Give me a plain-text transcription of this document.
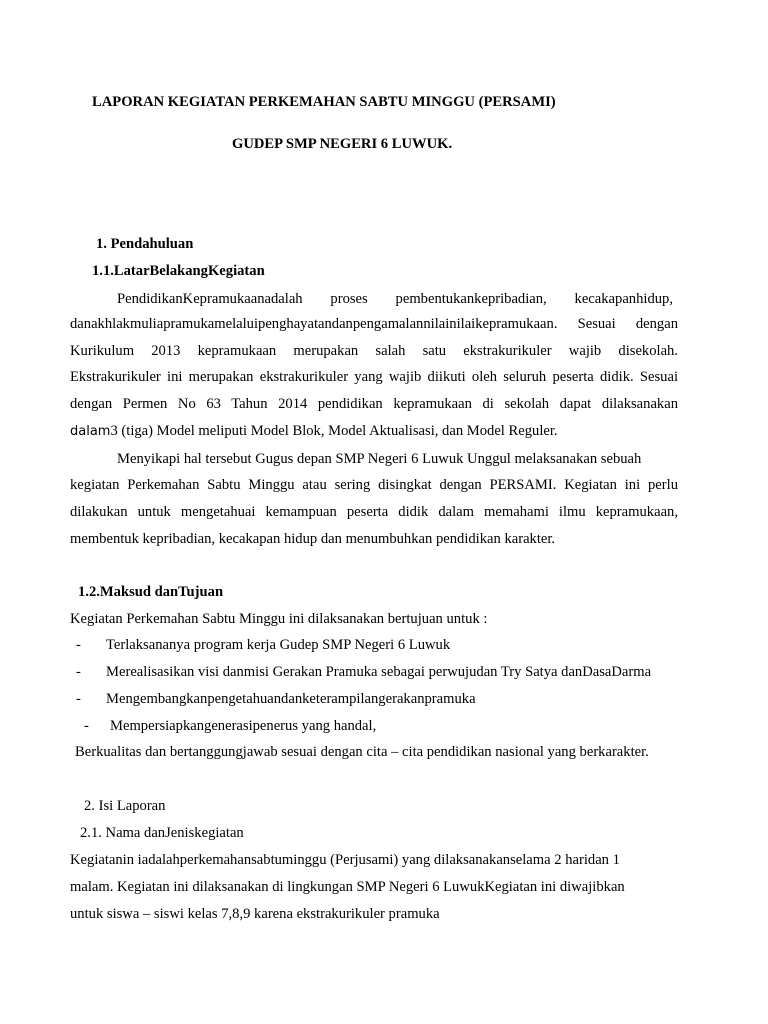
LAPORAN KEGIATAN PERKEMAHAN SABTU MINGGU (PERSAMI)
GUDEP SMP NEGERI 6 LUWUK.
1. Pendahuluan
1.1.LatarBelakangKegiatan
PendidikanKepramukaanadalah proses pembentukankepribadian, kecakapanhidup,
danakhlakmuliapramukamelaluipenghayatandanpengamalannilainilaikepramukaan. Sesuai dengan
Kurikulum 2013 kepramukaan merupakan salah satu ekstrakurikuler wajib disekolah.
Ekstrakurikuler ini merupakan ekstrakurikuler yang wajib diikuti oleh seluruh peserta didik. Sesuai
dengan Permen No 63 Tahun 2014 pendidikan kepramukaan di sekolah dapat dilaksanakan
dalam3 (tiga) Model meliputi Model Blok, Model Aktualisasi, dan Model Reguler.
Menyikapi hal tersebut Gugus depan SMP Negeri 6 Luwuk Unggul melaksanakan sebuah
kegiatan Perkemahan Sabtu Minggu atau sering disingkat dengan PERSAMI. Kegiatan ini perlu
dilakukan untuk mengetahuai kemampuan peserta didik dalam memahami ilmu kepramukaan,
membentuk kepribadian, kecakapan hidup dan menumbuhkan pendidikan karakter.
1.2.Maksud danTujuan
Kegiatan Perkemahan Sabtu Minggu ini dilaksanakan bertujuan untuk :
- Terlaksananya program kerja Gudep SMP Negeri 6 Luwuk
- Merealisasikan visi danmisi Gerakan Pramuka sebagai perwujudan Try Satya danDasaDarma
- Mengembangkanpengetahuandanketerampilangerakanpramuka
- Mempersiapkangenerasipenerus yang handal,
Berkualitas dan bertanggungjawab sesuai dengan cita – cita pendidikan nasional yang berkarakter.
2. Isi Laporan
2.1. Nama danJeniskegiatan
Kegiatanin iadalahperkemahansabtuminggu (Perjusami) yang dilaksanakanselama 2 haridan 1
malam. Kegiatan ini dilaksanakan di lingkungan SMP Negeri 6 LuwukKegiatan ini diwajibkan
untuk siswa – siswi kelas 7,8,9 karena ekstrakurikuler pramuka
